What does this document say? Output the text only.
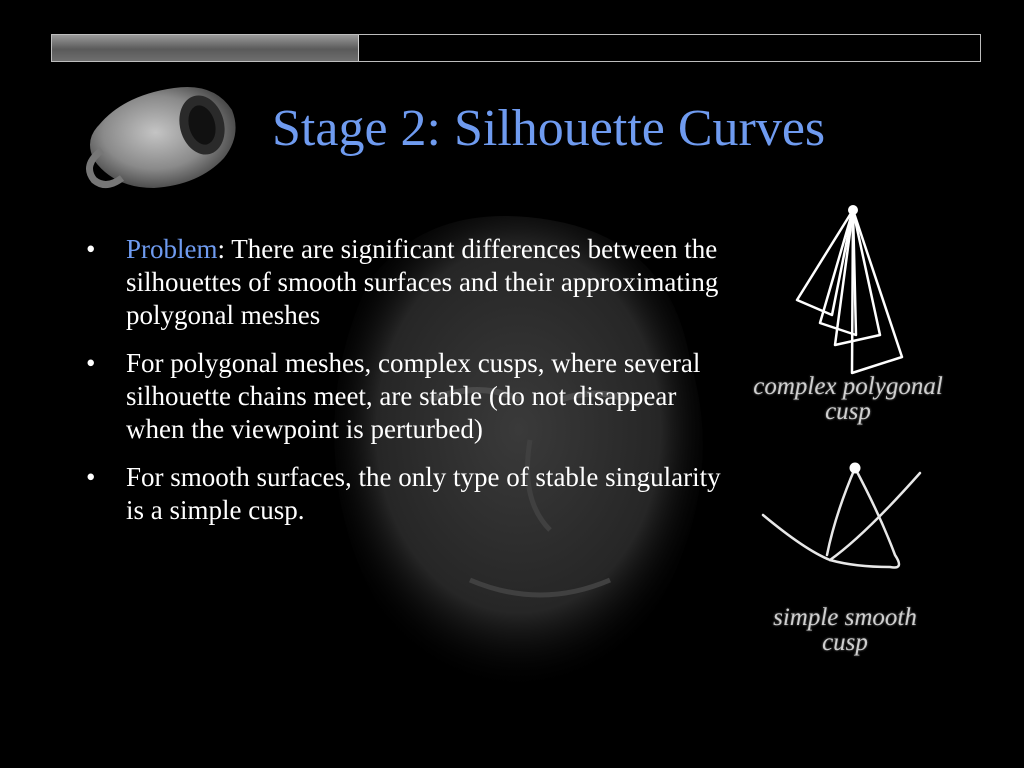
Stage 2: Silhouette Curves
• Problem: There are significant differences between the silhouettes of smooth surfaces and their approximating polygonal meshes
• For polygonal meshes, complex cusps, where several silhouette chains meet, are stable (do not disappear when the viewpoint is perturbed)
• For smooth surfaces, the only type of stable singularity is a simple cusp.
complex polygonal
cusp
simple smooth
cusp
